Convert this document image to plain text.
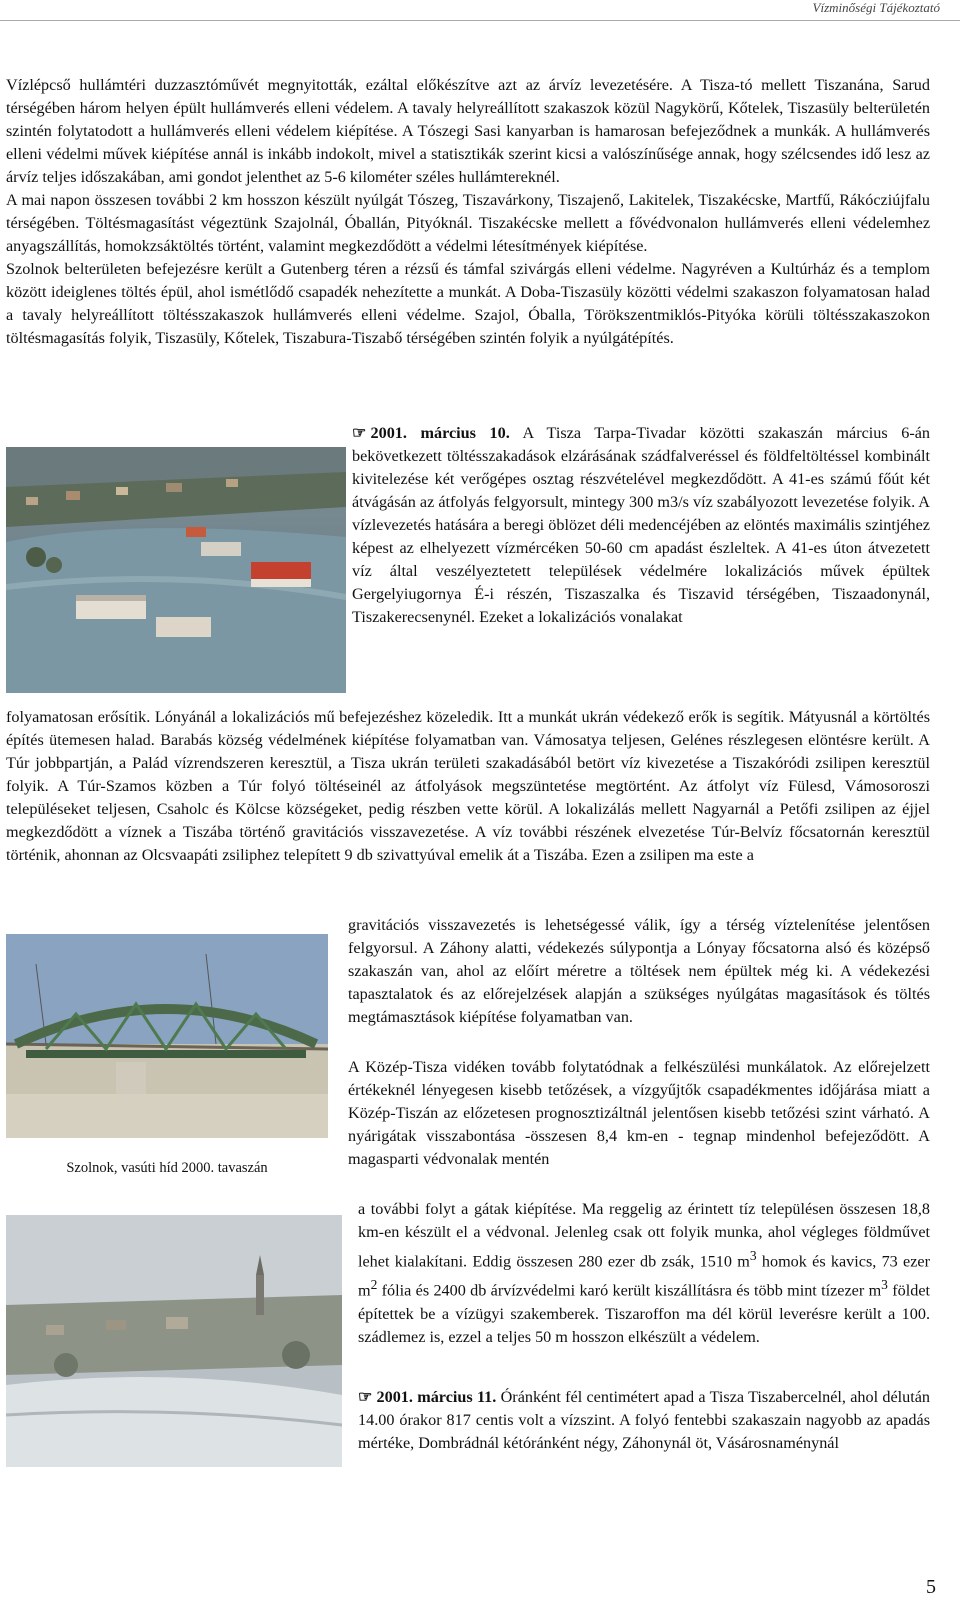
Vízminőségi Tájékoztató
Vízlépcső hullámtéri duzzasztóművét megnyitották, ezáltal előkészítve azt az árvíz levezetésére. A Tisza-tó mellett Tiszanána, Sarud térségében három helyen épült hullámverés elleni védelem. A tavaly helyreállított szakaszok közül Nagykörű, Kőtelek, Tiszasüly belterületén szintén folytatodott a hullámverés elleni védelem kiépítése. A Tószegi Sasi kanyarban is hamarosan befejeződnek a munkák. A hullámverés elleni védelmi művek kiépítése annál is inkább indokolt, mivel a statisztikák szerint kicsi a valószínűsége annak, hogy szélcsendes idő lesz az árvíz teljes időszakában, ami gondot jelenthet az 5-6 kilométer széles hullámtereknél.
A mai napon összesen további 2 km hosszon készült nyúlgát Tószeg, Tiszavárkony, Tiszajenő, Lakitelek, Tiszakécske, Martfű, Rákócziújfalu térségében. Töltésmagasítást végeztünk Szajolnál, Óballán, Pityóknál. Tiszakécske mellett a fővédvonalon hullámverés elleni védelemhez anyagszállítás, homokzsáktöltés történt, valamint megkezdődött a védelmi létesítmények kiépítése.
Szolnok belterületen befejezésre került a Gutenberg téren a rézsű és támfal szivárgás elleni védelme. Nagyréven a Kultúrház és a templom között ideiglenes töltés épül, ahol ismétlődő csapadék nehezítette a munkát. A Doba-Tiszasüly közötti védelmi szakaszon folyamatosan halad a tavaly helyreállított töltésszakaszok hullámverés elleni védelme. Szajol, Óballa, Törökszentmiklós-Pityóka körüli töltésszakaszokon töltésmagasítás folyik, Tiszasüly, Kőtelek, Tiszabura-Tiszabő térségében szintén folyik a nyúlgátépítés.
☞ 2001. március 10. A Tisza Tarpa-Tivadar közötti szakaszán március 6-án bekövetkezett töltésszakadások elzárásának szádfalveréssel és földfeltöltéssel kombinált kivitelezése két verőgépes osztag részvételével megkezdődött. A 41-es számú főút két átvágásán az átfolyás felgyorsult, mintegy 300 m3/s víz szabályozott levezetése folyik. A vízlevezetés hatására a beregi öblözet déli medencéjében az elöntés maximális szintjéhez képest az elhelyezett vízmércéken 50-60 cm apadást észleltek. A 41-es úton átvezetett víz által veszélyeztetett települések védelmére lokalizációs művek épültek Gergelyiugornya É-i részén, Tiszaszalka és Tiszavid térségében, Tiszaadonynál, Tiszakerecsenynél. Ezeket a lokalizációs vonalakat
folyamatosan erősítik. Lónyánál a lokalizációs mű befejezéshez közeledik. Itt a munkát ukrán védekező erők is segítik. Mátyusnál a körtöltés építés ütemesen halad. Barabás község védelmének kiépítése folyamatban van. Vámosatya teljesen, Gelénes részlegesen elöntésre került. A Túr jobbpartján, a Palád vízrendszeren keresztül, a Tisza ukrán területi szakadásából betört víz kivezetése a Tiszakóródi zsilipen keresztül folyik. A Túr-Szamos közben a Túr folyó töltéseinél az átfolyások megszüntetése megtörtént. Az átfolyt víz Fülesd, Vámosoroszi településeket teljesen, Csaholc és Kölcse községeket, pedig részben vette körül. A lokalizálás mellett Nagyarnál a Petőfi zsilipen az éjjel megkezdődött a víznek a Tiszába történő gravitációs visszavezetése. A víz további részének elvezetése Túr-Belvíz főcsatornán keresztül történik, ahonnan az Olcsvaapáti zsiliphez telepített 9 db szivattyúval emelik át a Tiszába. Ezen a zsilipen ma este a
Szolnok, vasúti híd 2000. tavaszán
gravitációs visszavezetés is lehetségessé válik, így a térség víztelenítése jelentősen felgyorsul. A Záhony alatti, védekezés súlypontja a Lónyay főcsatorna alsó és középső szakaszán van, ahol az előírt méretre a töltések nem épültek még ki. A védekezési tapasztalatok és az előrejelzések alapján a szükséges nyúlgátas magasítások és töltés megtámasztások kiépítése folyamatban van.
A Közép-Tisza vidéken tovább folytatódnak a felkészülési munkálatok. Az előrejelzett értékeknél lényegesen kisebb tetőzések, a vízgyűjtők csapadékmentes időjárása miatt a Közép-Tiszán az előzetesen prognosztizáltnál jelentősen kisebb tetőzési szint várható. A nyárigátak visszabontása -összesen 8,4 km-en - tegnap mindenhol befejeződött. A magasparti védvonalak mentén
a további folyt a gátak kiépítése. Ma reggelig az érintett tíz településen összesen 18,8 km-en készült el a védvonal. Jelenleg csak ott folyik munka, ahol végleges földművet lehet kialakítani. Eddig összesen 280 ezer db zsák, 1510 $m^3$ homok és kavics, 73 ezer $m^2$ fólia és 2400 db árvízvédelmi karó került kiszállításra és több mint tízezer $m^3$ földet építettek be a vízügyi szakemberek. Tiszaroffon ma dél körül leverésre került a 100. szádlemez is, ezzel a teljes 50 m hosszon elkészült a védelem.
☞ 2001. március 11. Óránként fél centimétert apad a Tisza Tiszabercelnél, ahol délután 14.00 órakor 817 centis volt a vízszint. A folyó fentebbi szakaszain nagyobb az apadás mértéke, Dombrádnál kétóránként négy, Záhonynál öt, Vásárosnaménynál
5
